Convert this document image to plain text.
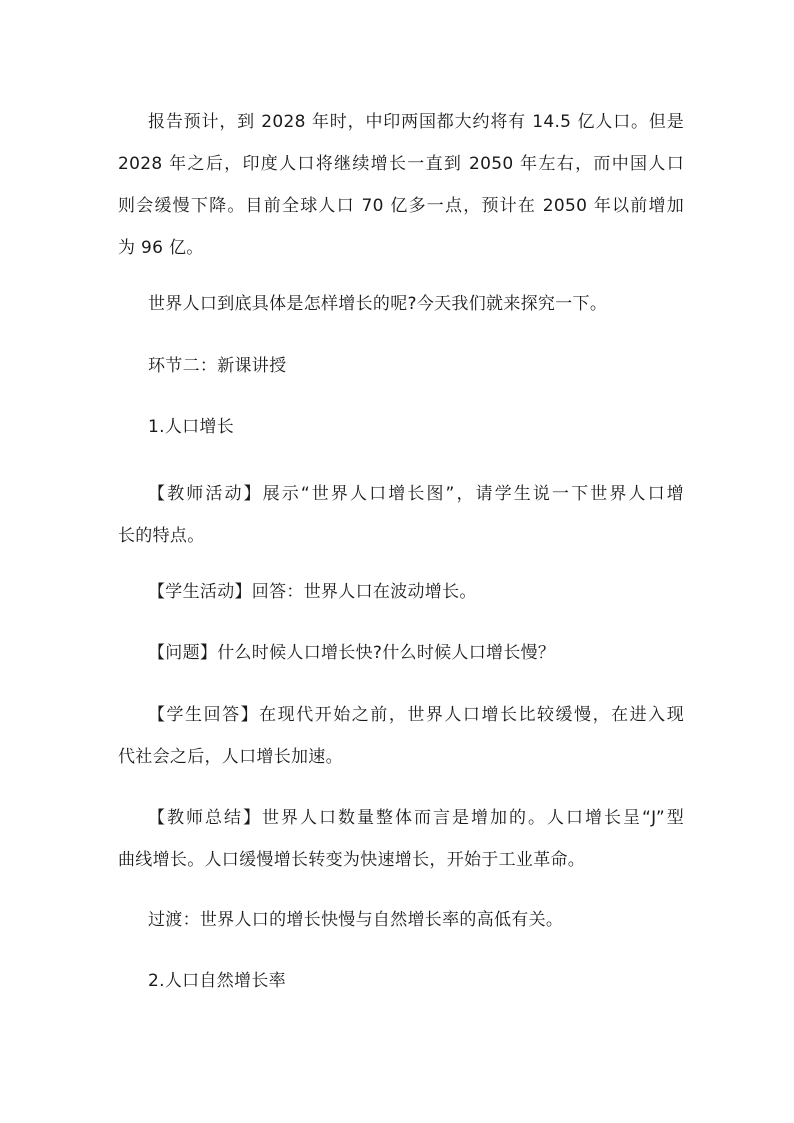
报告预计，到 2028 年时，中印两国都大约将有 14.5 亿人口。但是
2028 年之后，印度人口将继续增长一直到 2050 年左右，而中国人口
则会缓慢下降。目前全球人口 70 亿多一点，预计在 2050 年以前增加
为 96 亿。
世界人口到底具体是怎样增长的呢?今天我们就来探究一下。
环节二：新课讲授
1.人口增长
【教师活动】展示“世界人口增长图”，请学生说一下世界人口增
长的特点。
【学生活动】回答：世界人口在波动增长。
【问题】什么时候人口增长快?什么时候人口增长慢？
【学生回答】在现代开始之前，世界人口增长比较缓慢，在进入现
代社会之后，人口增长加速。
【教师总结】世界人口数量整体而言是增加的。人口增长呈“J”型
曲线增长。人口缓慢增长转变为快速增长，开始于工业革命。
过渡：世界人口的增长快慢与自然增长率的高低有关。
2.人口自然增长率
